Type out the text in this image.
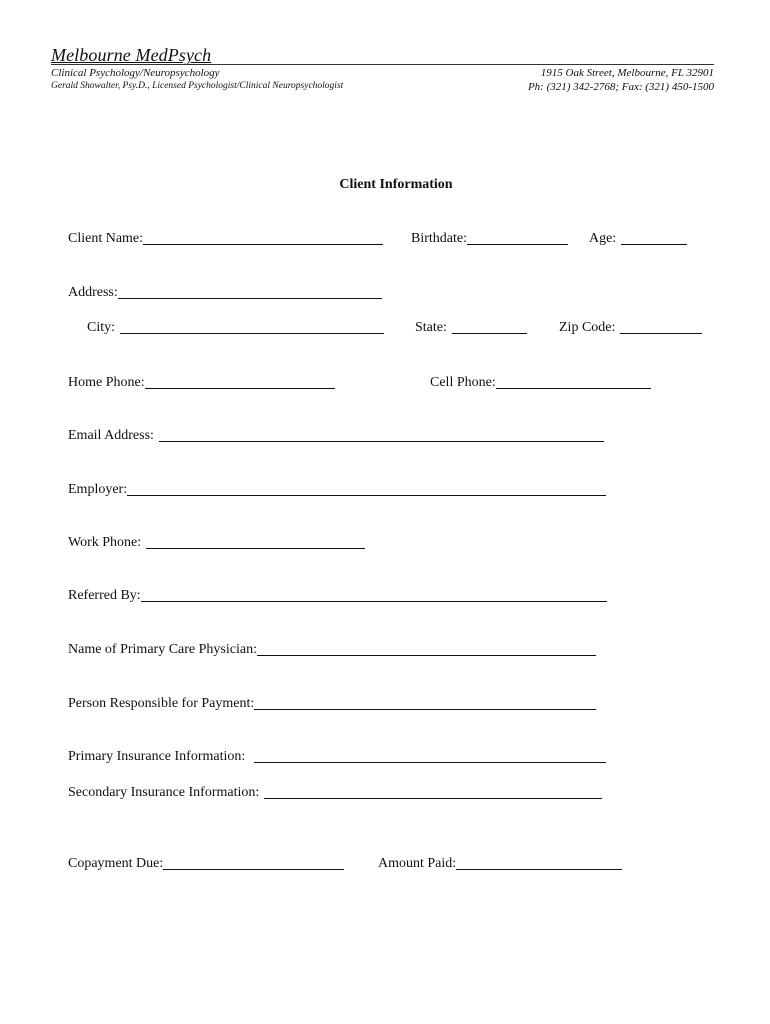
Melbourne MedPsych
Clinical Psychology/Neuropsychology
Gerald Showalter, Psy.D., Licensed Psychologist/Clinical Neuropsychologist
1915 Oak Street, Melbourne, FL 32901
Ph: (321) 342-2768; Fax: (321) 450-1500
Client Information
Client Name:	Birthdate:	Age:
Address:
City:	State:	Zip Code:
Home Phone:	Cell Phone:
Email Address:
Employer:
Work Phone:
Referred By:
Name of Primary Care Physician:
Person Responsible for Payment:
Primary Insurance Information:
Secondary Insurance Information:
Copayment Due:	Amount Paid:
